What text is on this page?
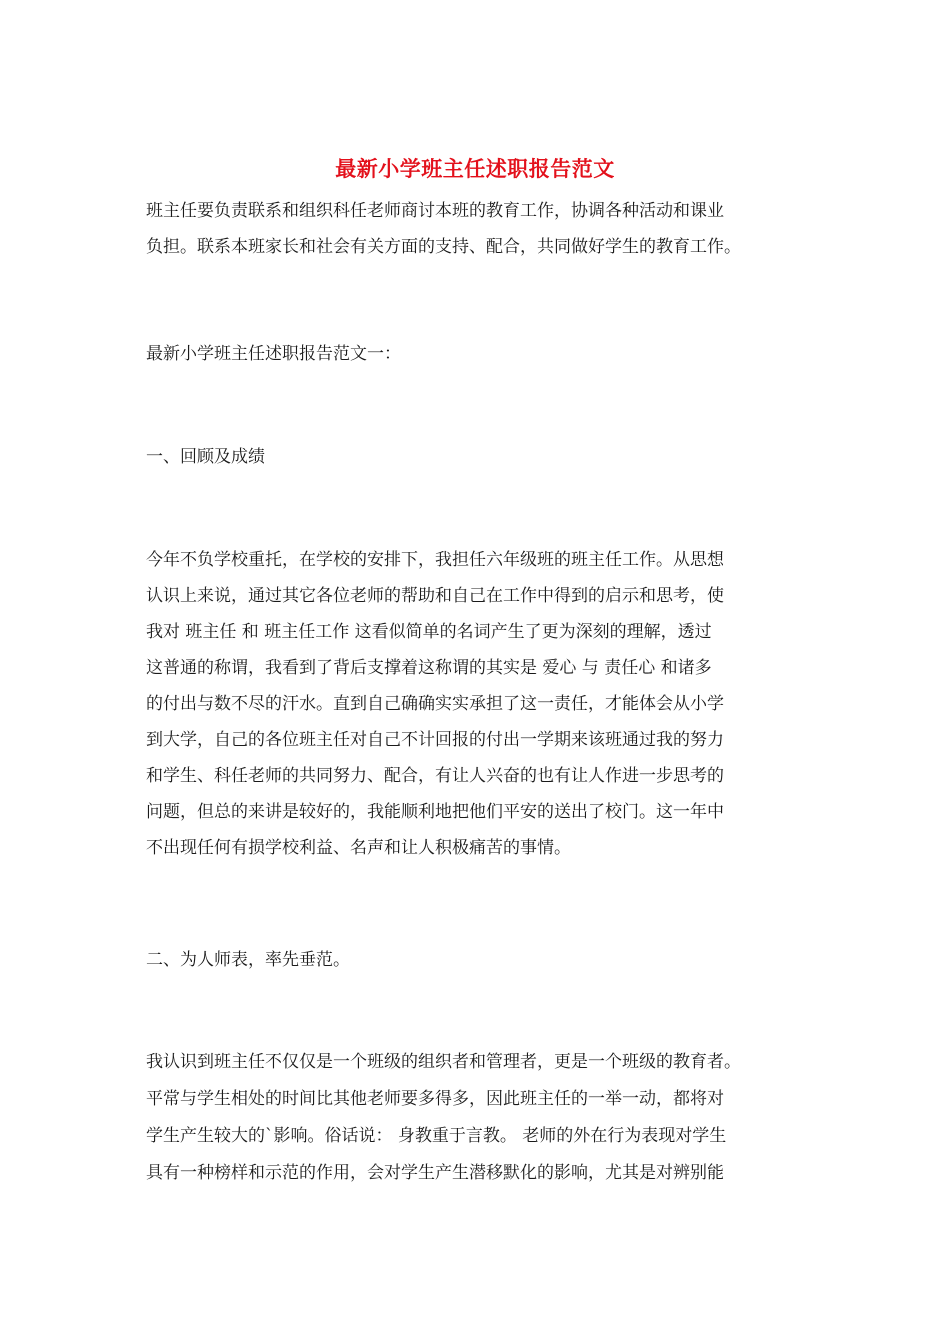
最新小学班主任述职报告范文
班主任要负责联系和组织科任老师商讨本班的教育工作，协调各种活动和课业
负担。联系本班家长和社会有关方面的支持、配合，共同做好学生的教育工作。
最新小学班主任述职报告范文一：
一、回顾及成绩
今年不负学校重托，在学校的安排下，我担任六年级班的班主任工作。从思想
认识上来说，通过其它各位老师的帮助和自己在工作中得到的启示和思考，使
我对 班主任 和 班主任工作 这看似简单的名词产生了更为深刻的理解，透过
这普通的称谓，我看到了背后支撑着这称谓的其实是 爱心 与 责任心 和诸多
的付出与数不尽的汗水。直到自己确确实实承担了这一责任，才能体会从小学
到大学，自己的各位班主任对自己不计回报的付出一学期来该班通过我的努力
和学生、科任老师的共同努力、配合，有让人兴奋的也有让人作进一步思考的
问题，但总的来讲是较好的，我能顺利地把他们平安的送出了校门。这一年中
不出现任何有损学校利益、名声和让人积极痛苦的事情。
二、为人师表，率先垂范。
我认识到班主任不仅仅是一个班级的组织者和管理者，更是一个班级的教育者。
平常与学生相处的时间比其他老师要多得多，因此班主任的一举一动，都将对
学生产生较大的`影响。俗话说： 身教重于言教。 老师的外在行为表现对学生
具有一种榜样和示范的作用，会对学生产生潜移默化的影响，尤其是对辨别能
